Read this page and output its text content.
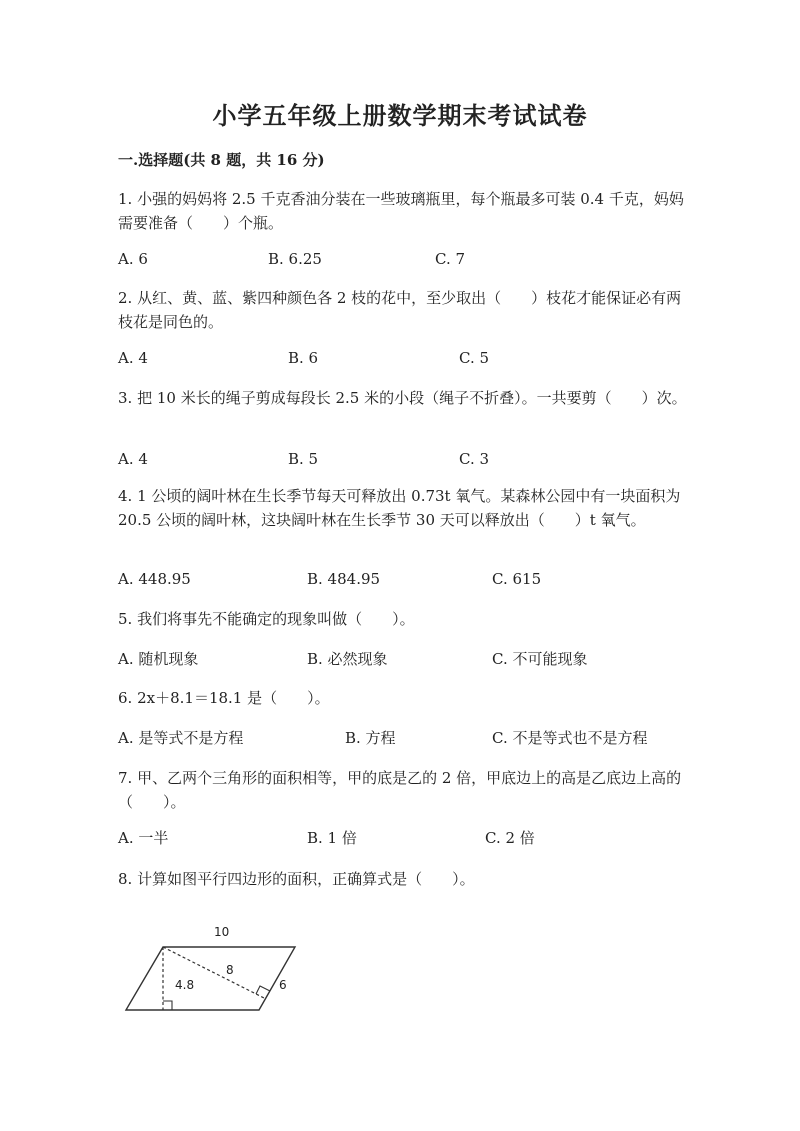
小学五年级上册数学期末考试试卷
一.选择题(共 8 题，共 16 分)
1. 小强的妈妈将 2.5 千克香油分装在一些玻璃瓶里，每个瓶最多可装 0.4 千克，妈妈需要准备（　　）个瓶。
A. 6	B. 6.25	C. 7
2. 从红、黄、蓝、紫四种颜色各 2 枝的花中，至少取出（　　）枝花才能保证必有两枝花是同色的。
A. 4	B. 6	C. 5
3. 把 10 米长的绳子剪成每段长 2.5 米的小段（绳子不折叠）。一共要剪（　　）次。
A. 4	B. 5	C. 3
4. 1 公顷的阔叶林在生长季节每天可释放出 0.73t 氧气。某森林公园中有一块面积为 20.5 公顷的阔叶林，这块阔叶林在生长季节 30 天可以释放出（　　）t 氧气。
A. 448.95	B. 484.95	C. 615
5. 我们将事先不能确定的现象叫做（　　）。
A. 随机现象	B. 必然现象	C. 不可能现象
6. 2x＋8.1＝18.1 是（　　）。
A. 是等式不是方程	B. 方程	C. 不是等式也不是方程
7. 甲、乙两个三角形的面积相等，甲的底是乙的 2 倍，甲底边上的高是乙底边上高的（　　）。
A. 一半	B. 1 倍	C. 2 倍
8. 计算如图平行四边形的面积，正确算式是（　　）。
10
8
4.8	6
